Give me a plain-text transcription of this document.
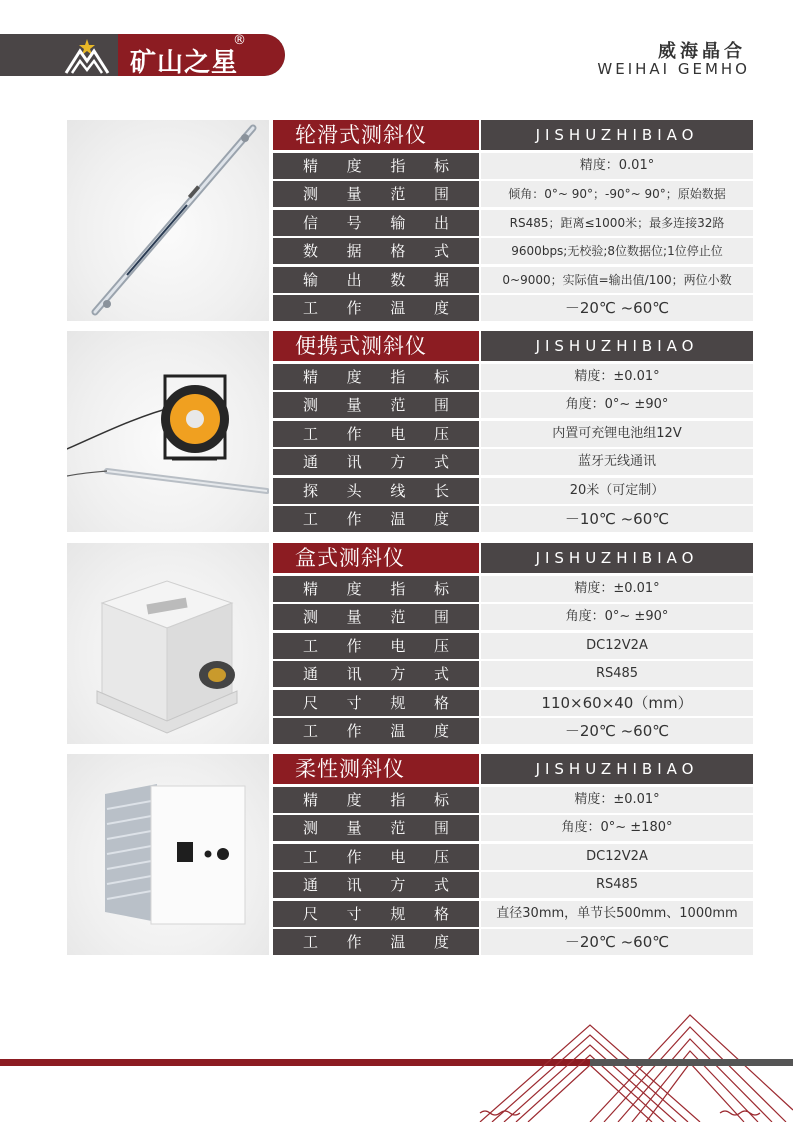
矿山之星
®
威海晶合
WEIHAI GEMHO
轮滑式测斜仪	JISHUZHIBIAO
精度指标	精度：0.01°
测量范围	倾角：0°~ 90°；-90°~ 90°；原始数据
信号输出	RS485；距离≤1000米；最多连接32路
数据格式	9600bps;无校验;8位数据位;1位停止位
输出数据	0~9000；实际值=输出值/100；两位小数
工作温度	－20℃ ~60℃
便携式测斜仪	JISHUZHIBIAO
精度指标	精度：±0.01°
测量范围	角度：0°~ ±90°
工作电压	内置可充锂电池组12V
通讯方式	蓝牙无线通讯
探头线长	20米（可定制）
工作温度	－10℃ ~60℃
盒式测斜仪	JISHUZHIBIAO
精度指标	精度：±0.01°
测量范围	角度：0°~ ±90°
工作电压	DC12V2A
通讯方式	RS485
尺寸规格	110×60×40（mm）
工作温度	－20℃ ~60℃
柔性测斜仪	JISHUZHIBIAO
精度指标	精度：±0.01°
测量范围	角度：0°~ ±180°
工作电压	DC12V2A
通讯方式	RS485
尺寸规格	直径30mm，单节长500mm、1000mm
工作温度	－20℃ ~60℃
